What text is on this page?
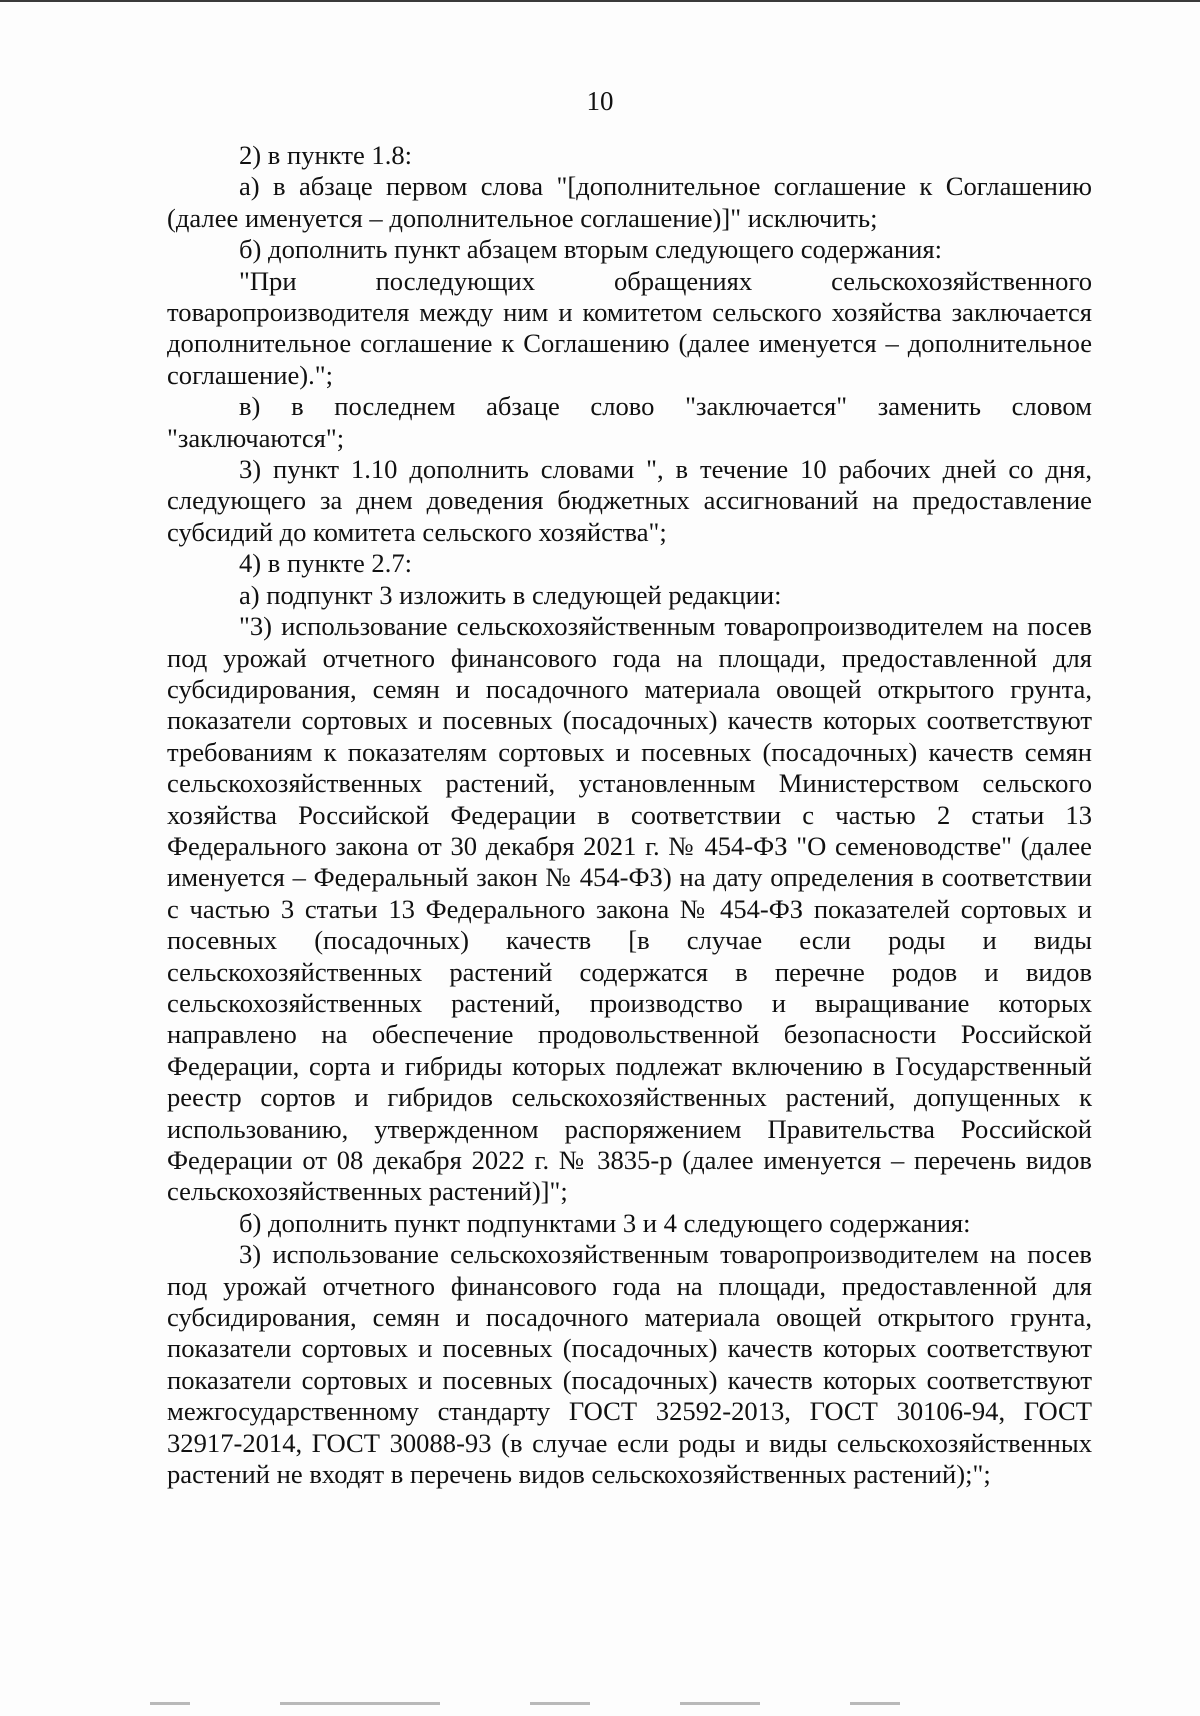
10

2) в пункте 1.8:

а) в абзаце первом слова "[дополнительное соглашение к Соглашению (далее именуется – дополнительное соглашение)]" исключить;

б) дополнить пункт абзацем вторым следующего содержания:

"При последующих обращениях сельскохозяйственного товаропроизводителя между ним и комитетом сельского хозяйства заключается дополнительное соглашение к Соглашению (далее именуется – дополнительное соглашение).";

в) в последнем абзаце слово "заключается" заменить словом "заключаются";

3) пункт 1.10 дополнить словами ", в течение 10 рабочих дней со дня, следующего за днем доведения бюджетных ассигнований на предоставление субсидий до комитета сельского хозяйства";

4) в пункте 2.7:

а) подпункт 3 изложить в следующей редакции:

"3) использование сельскохозяйственным товаропроизводителем на посев под урожай отчетного финансового года на площади, предоставленной для субсидирования, семян и посадочного материала овощей открытого грунта, показатели сортовых и посевных (посадочных) качеств которых соответствуют требованиям к показателям сортовых и посевных (посадочных) качеств семян сельскохозяйственных растений, установленным Министерством сельского хозяйства Российской Федерации в соответствии с частью 2 статьи 13 Федерального закона от 30 декабря 2021 г. № 454-ФЗ "О семеноводстве" (далее именуется – Федеральный закон № 454-ФЗ) на дату определения в соответствии с частью 3 статьи 13 Федерального закона № 454-ФЗ показателей сортовых и посевных (посадочных) качеств [в случае если роды и виды сельскохозяйственных растений содержатся в перечне родов и видов сельскохозяйственных растений, производство и выращивание которых направлено на обеспечение продовольственной безопасности Российской Федерации, сорта и гибриды которых подлежат включению в Государственный реестр сортов и гибридов сельскохозяйственных растений, допущенных к использованию, утвержденном распоряжением Правительства Российской Федерации от 08 декабря 2022 г. № 3835-р (далее именуется – перечень видов сельскохозяйственных растений)]";

б) дополнить пункт подпунктами 3 и 4 следующего содержания:

3) использование сельскохозяйственным товаропроизводителем на посев под урожай отчетного финансового года на площади, предоставленной для субсидирования, семян и посадочного материала овощей открытого грунта, показатели сортовых и посевных (посадочных) качеств которых соответствуют показатели сортовых и посевных (посадочных) качеств которых соответствуют межгосударственному стандарту ГОСТ 32592-2013, ГОСТ 30106-94, ГОСТ 32917-2014, ГОСТ 30088-93 (в случае если роды и виды сельскохозяйственных растений не входят в перечень видов сельскохозяйственных растений);";
